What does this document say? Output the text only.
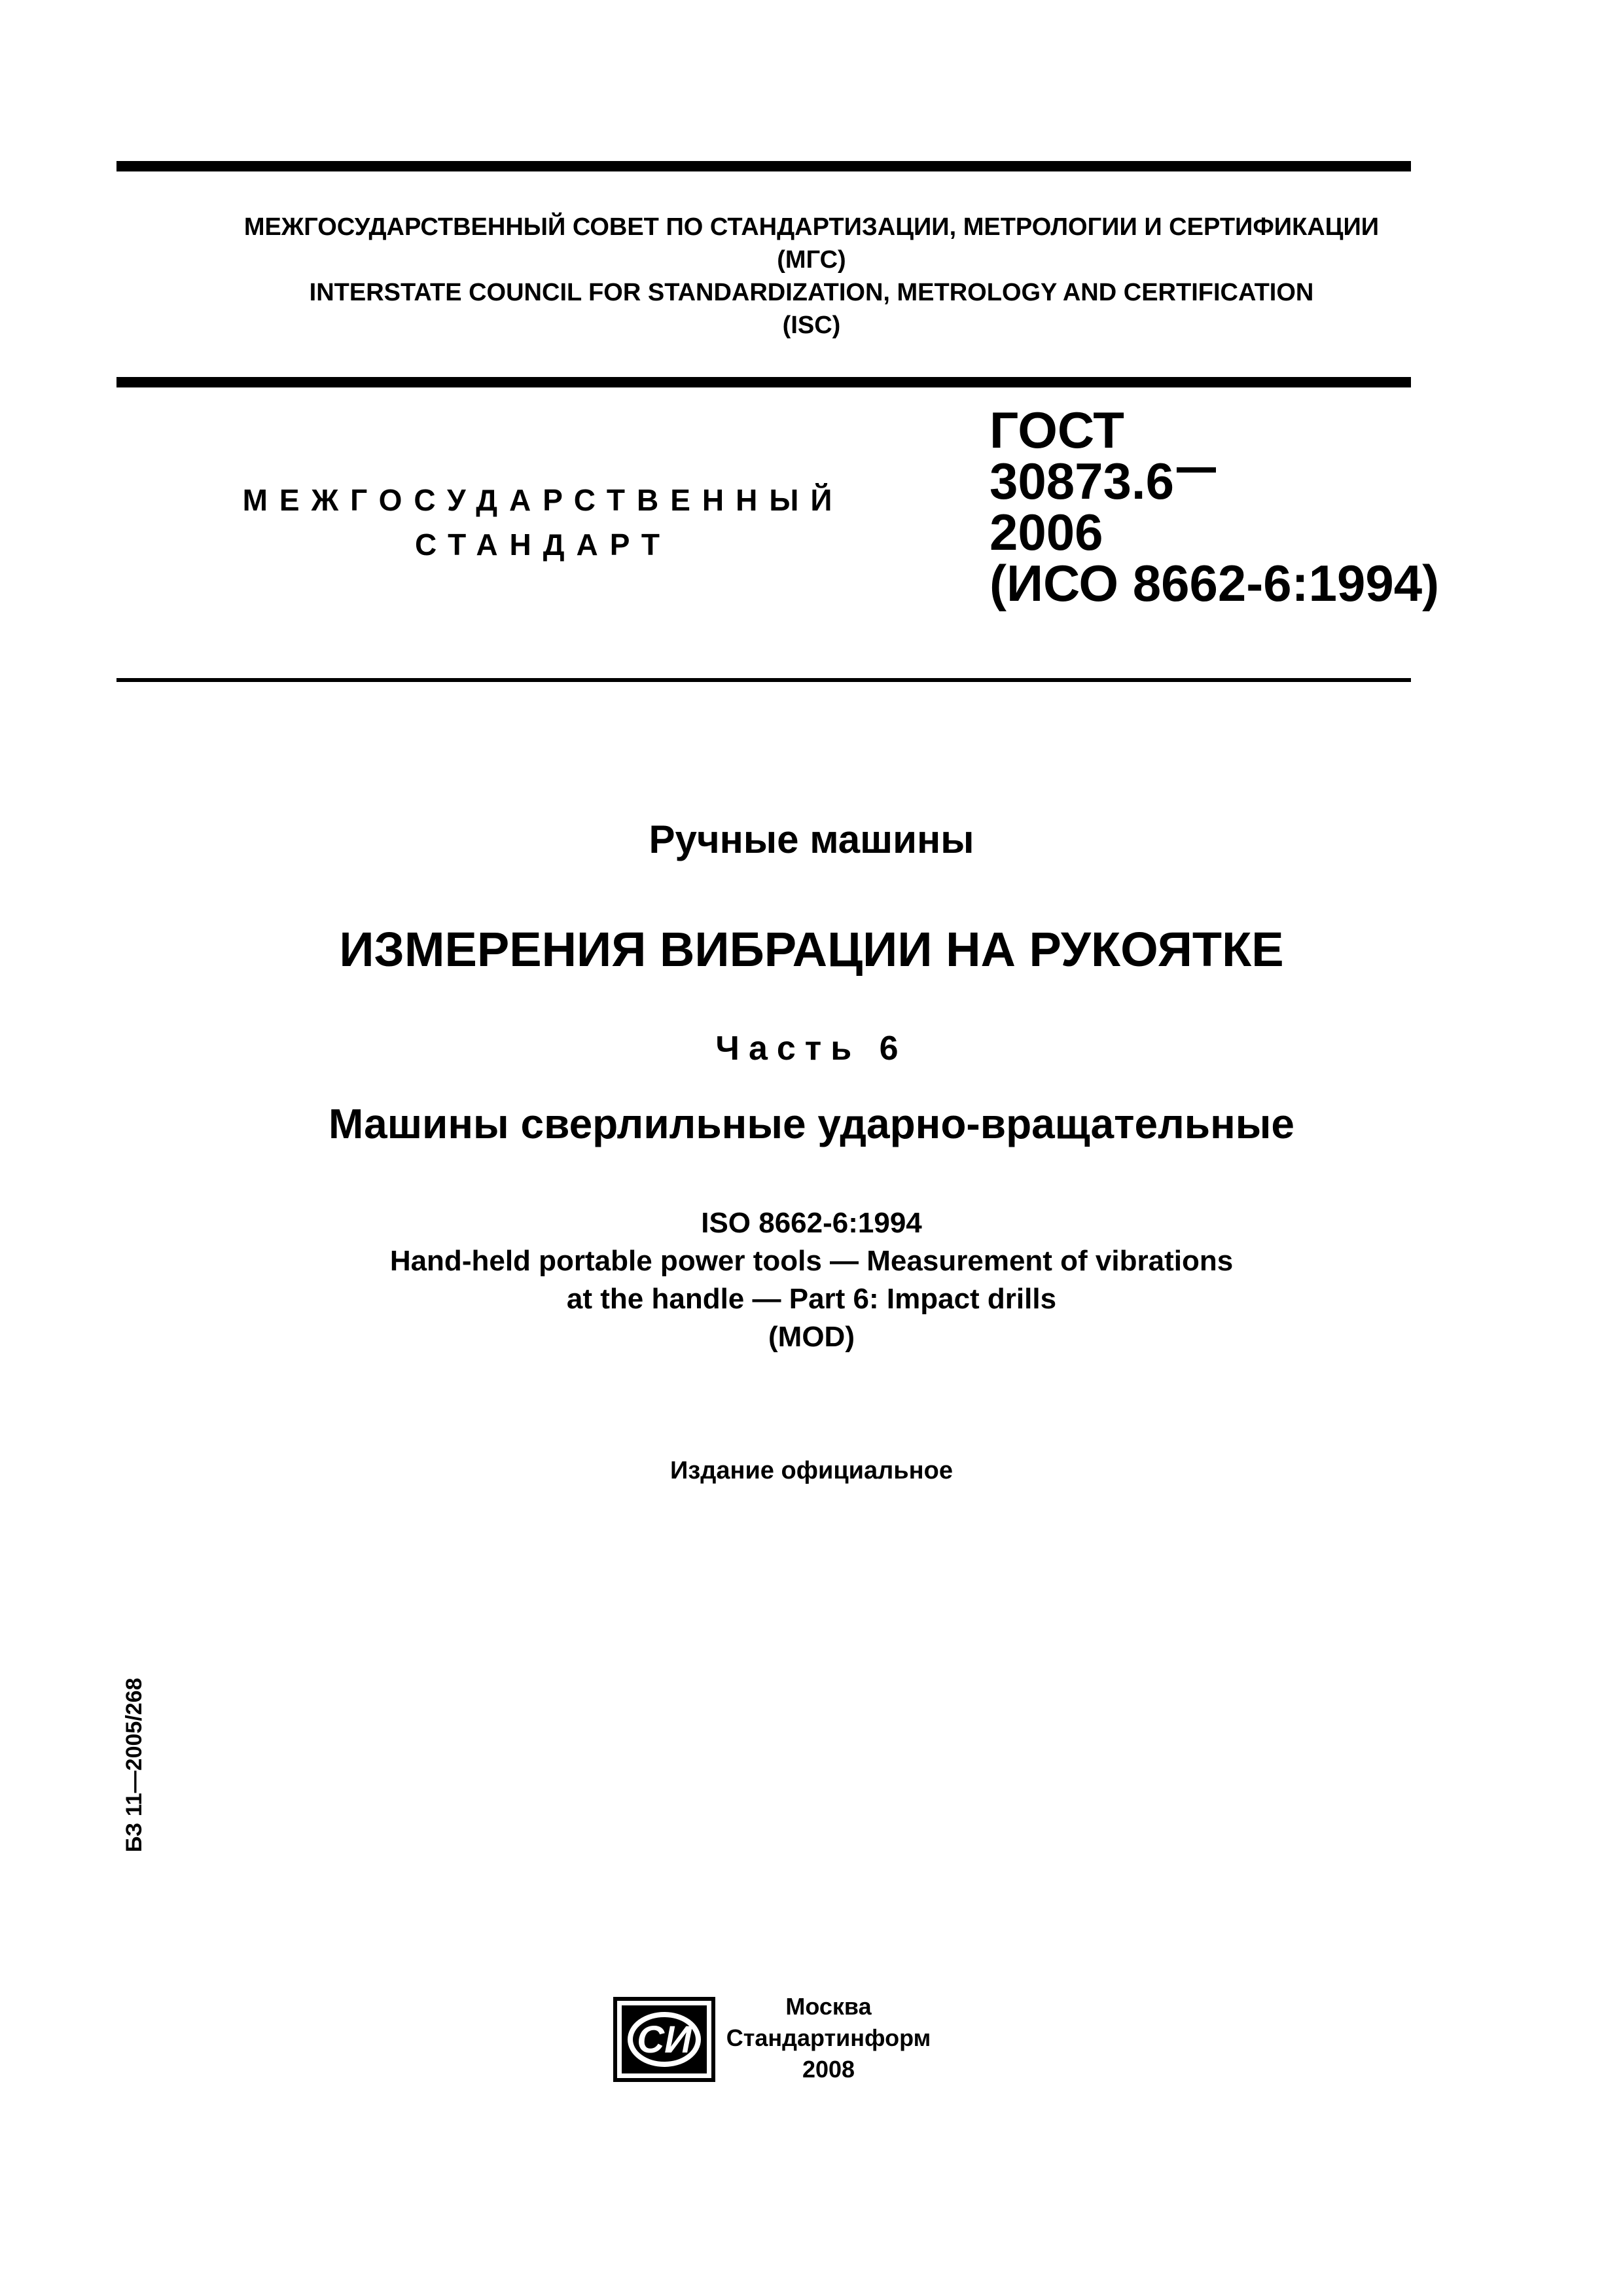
МЕЖГОСУДАРСТВЕННЫЙ СОВЕТ ПО СТАНДАРТИЗАЦИИ, МЕТРОЛОГИИ И СЕРТИФИКАЦИИ
(МГС)
INTERSTATE COUNCIL FOR STANDARDIZATION, METROLOGY AND CERTIFICATION
(ISC)
МЕЖГОСУДАРСТВЕННЫЙ
СТАНДАРТ
ГОСТ
30873.6
2006
(ИСО 8662-6:1994)
Ручные машины
ИЗМЕРЕНИЯ ВИБРАЦИИ НА РУКОЯТКЕ
Часть 6
Машины сверлильные ударно-вращательные
ISO 8662-6:1994
Hand-held portable power tools — Measurement of vibrations
at the handle — Part 6: Impact drills
(MOD)
Издание официальное
БЗ 11—2005/268
СИ
Москва
Стандартинформ
2008
